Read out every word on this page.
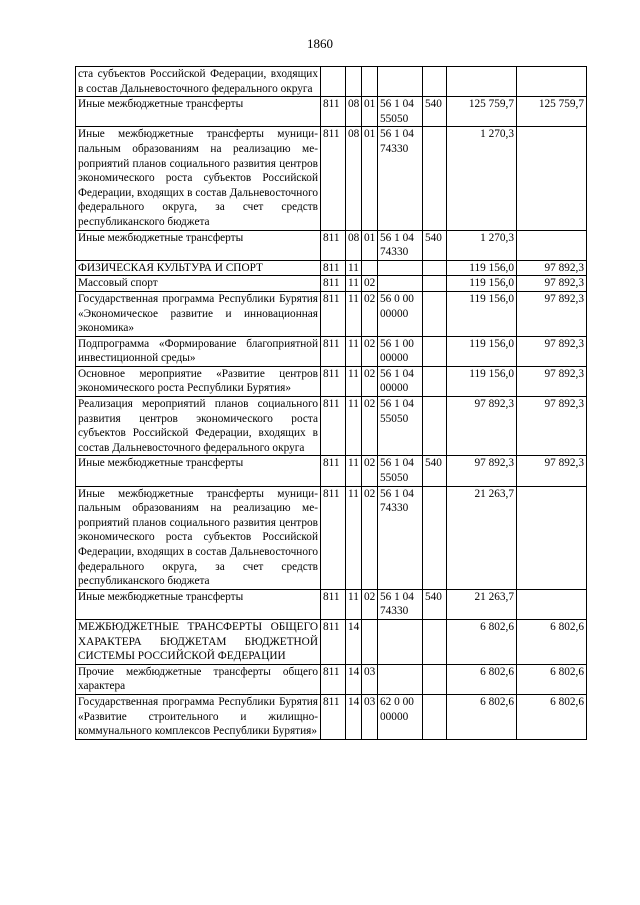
1860
ста субъектов Российской Федерации, входящих в состав Дальневосточного федерального округа							
Иные межбюджетные трансферты	811	08	01	56 1 04 55050	540	125 759,7	125 759,7
Иные межбюджетные трансферты муниципальным образованиям на реализацию мероприятий планов социального развития центров экономического роста субъектов Российской Федерации, входящих в состав Дальневосточного федерального округа, за счет средств республиканского бюджета	811	08	01	56 1 04 74330		1 270,3	
Иные межбюджетные трансферты	811	08	01	56 1 04 74330	540	1 270,3	
ФИЗИЧЕСКАЯ КУЛЬТУРА И СПОРТ	811	11				119 156,0	97 892,3
Массовый спорт	811	11	02			119 156,0	97 892,3
Государственная программа Республики Бурятия «Экономическое развитие и инновационная экономика»	811	11	02	56 0 00 00000		119 156,0	97 892,3
Подпрограмма «Формирование благоприятной инвестиционной среды»	811	11	02	56 1 00 00000		119 156,0	97 892,3
Основное мероприятие «Развитие центров экономического роста Республики Бурятия»	811	11	02	56 1 04 00000		119 156,0	97 892,3
Реализация мероприятий планов социального развития центров экономического роста субъектов Российской Федерации, входящих в состав Дальневосточного федерального округа	811	11	02	56 1 04 55050		97 892,3	97 892,3
Иные межбюджетные трансферты	811	11	02	56 1 04 55050	540	97 892,3	97 892,3
Иные межбюджетные трансферты муниципальным образованиям на реализацию мероприятий планов социального развития центров экономического роста субъектов Российской Федерации, входящих в состав Дальневосточного федерального округа, за счет средств республиканского бюджета	811	11	02	56 1 04 74330		21 263,7	
Иные межбюджетные трансферты	811	11	02	56 1 04 74330	540	21 263,7	
МЕЖБЮДЖЕТНЫЕ ТРАНСФЕРТЫ ОБЩЕГО ХАРАКТЕРА БЮДЖЕТАМ БЮДЖЕТНОЙ СИСТЕМЫ РОССИЙСКОЙ ФЕДЕРАЦИИ	811	14				6 802,6	6 802,6
Прочие межбюджетные трансферты общего характера	811	14	03			6 802,6	6 802,6
Государственная программа Республики Бурятия «Развитие строительного и жилищно-коммунального комплексов Республики Бурятия»	811	14	03	62 0 00 00000		6 802,6	6 802,6
